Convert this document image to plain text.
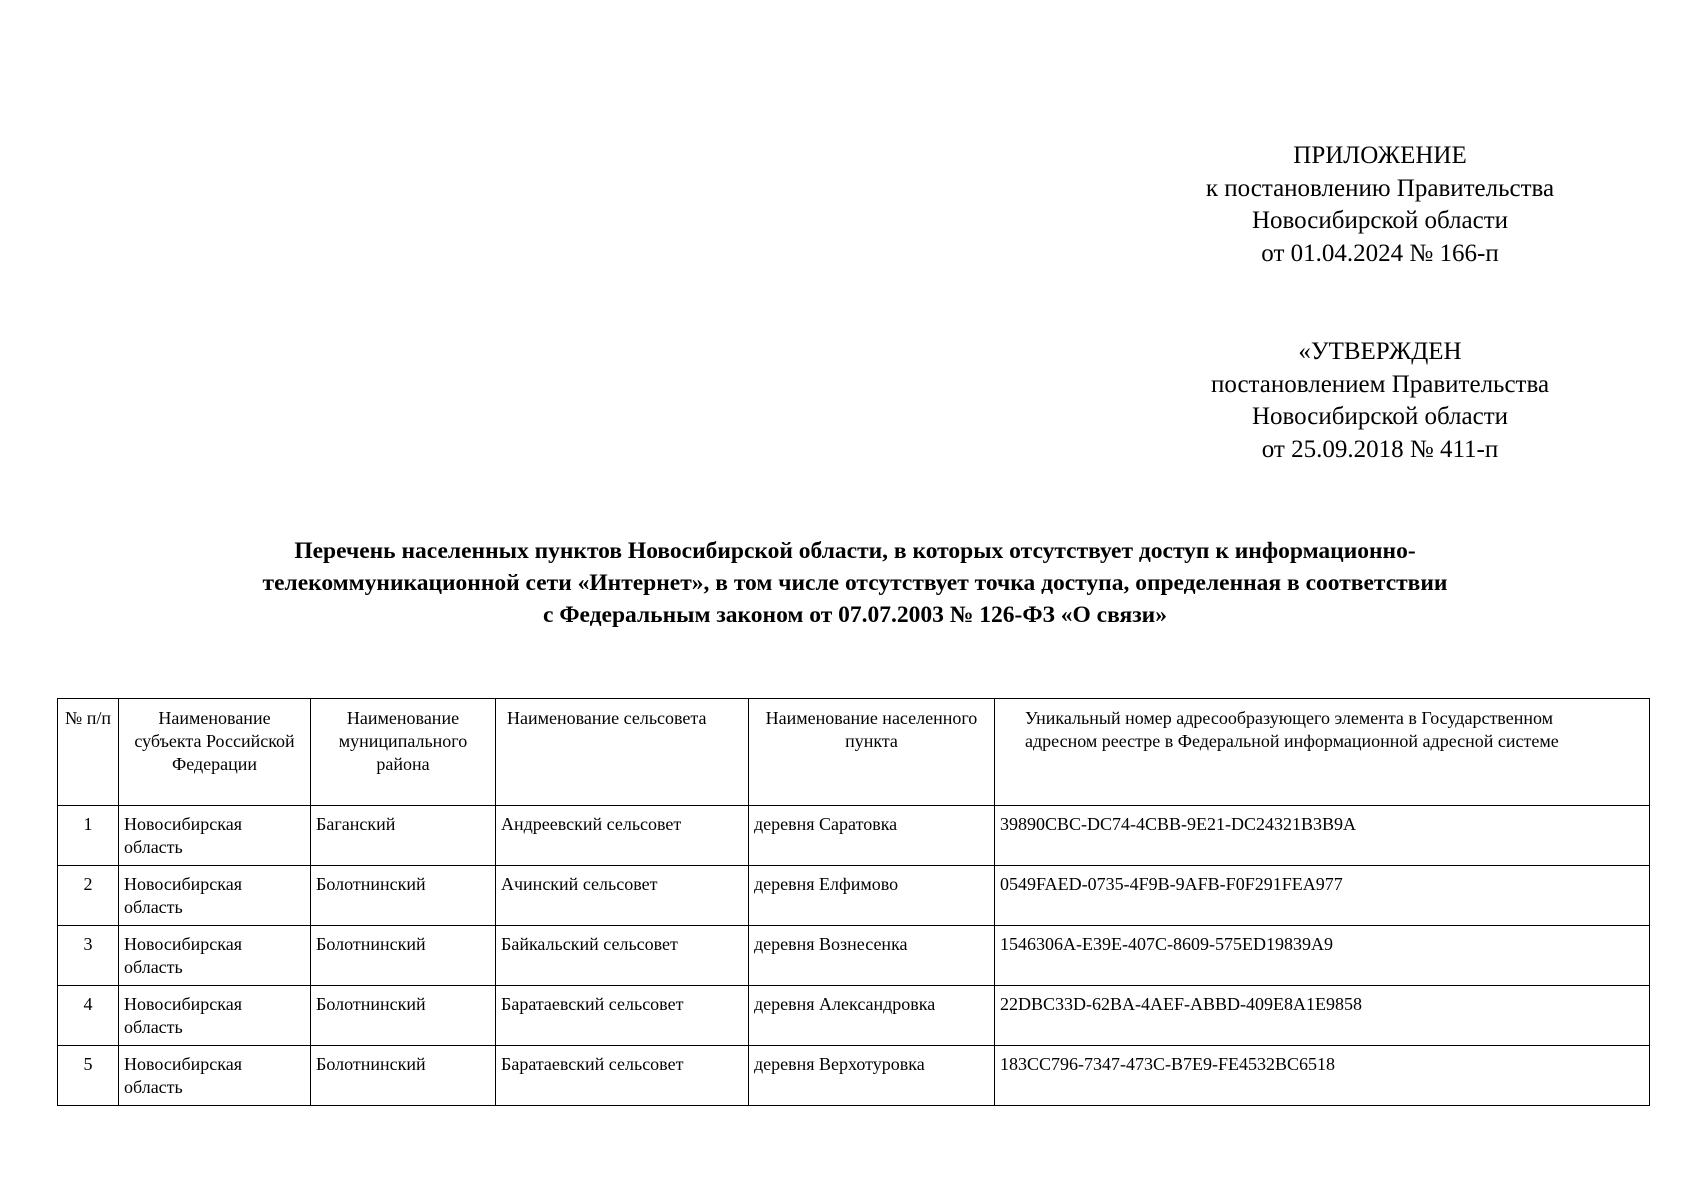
ПРИЛОЖЕНИЕ
к постановлению Правительства
Новосибирской области
от 01.04.2024 № 166-п
«УТВЕРЖДЕН
постановлением Правительства
Новосибирской области
от 25.09.2018 № 411-п
Перечень населенных пунктов Новосибирской области, в которых отсутствует доступ к информационно-
телекоммуникационной сети «Интернет», в том числе отсутствует точка доступа, определенная в соответствии
с Федеральным законом от 07.07.2003 № 126-ФЗ «О связи»
№ п/п	Наименование субъекта Российской Федерации	Наименование муниципального района	Наименование сельсовета	Наименование населенного пункта	Уникальный номер адресообразующего элемента в Государственном адресном реестре в Федеральной информационной адресной системе
1	Новосибирская область	Баганский	Андреевский сельсовет	деревня Саратовка	39890CBC-DC74-4CBB-9E21-DC24321B3B9A
2	Новосибирская область	Болотнинский	Ачинский сельсовет	деревня Елфимово	0549FAED-0735-4F9B-9AFB-F0F291FEA977
3	Новосибирская область	Болотнинский	Байкальский сельсовет	деревня Вознесенка	1546306A-E39E-407C-8609-575ED19839A9
4	Новосибирская область	Болотнинский	Баратаевский сельсовет	деревня Александровка	22DBC33D-62BA-4AEF-ABBD-409E8A1E9858
5	Новосибирская область	Болотнинский	Баратаевский сельсовет	деревня Верхотуровка	183CC796-7347-473C-B7E9-FE4532BC6518
